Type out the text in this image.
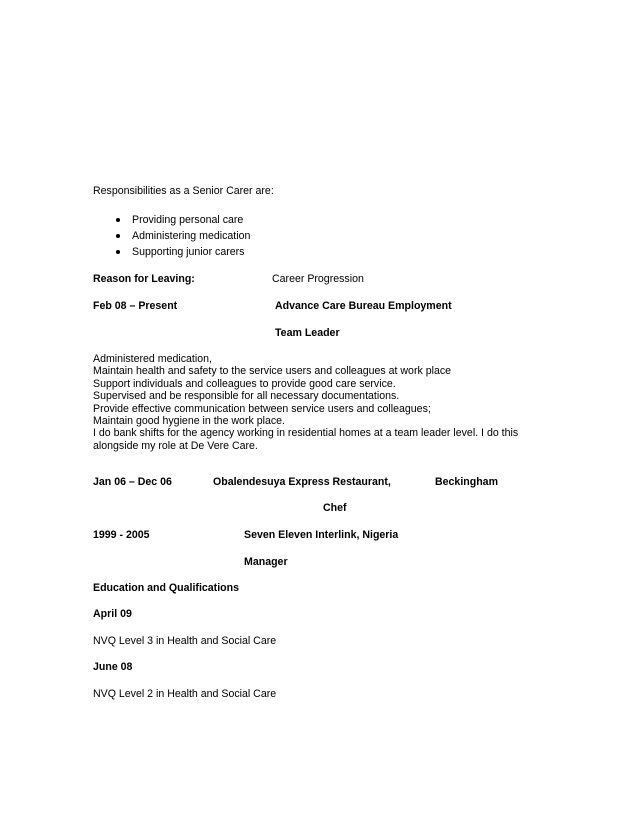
Responsibilities as a Senior Carer are:
Providing personal care
Administering medication
Supporting junior carers
Reason for Leaving:	Career Progression
Feb 08 – Present	Advance Care Bureau Employment
Team Leader
Administered medication,
Maintain health and safety to the service users and colleagues at work place
Support individuals and colleagues to provide good care service.
Supervised and be responsible for all necessary documentations.
Provide effective communication between service users and colleagues;
Maintain good hygiene in the work place.
I do bank shifts for the agency working in residential homes at a team leader level. I do this
alongside my role at De Vere Care.
Jan 06 – Dec 06	Obalendesuya Express Restaurant,	Beckingham
Chef
1999 - 2005	Seven Eleven Interlink, Nigeria
Manager
Education and Qualifications
April 09
NVQ Level 3 in Health and Social Care
June 08
NVQ Level 2 in Health and Social Care
